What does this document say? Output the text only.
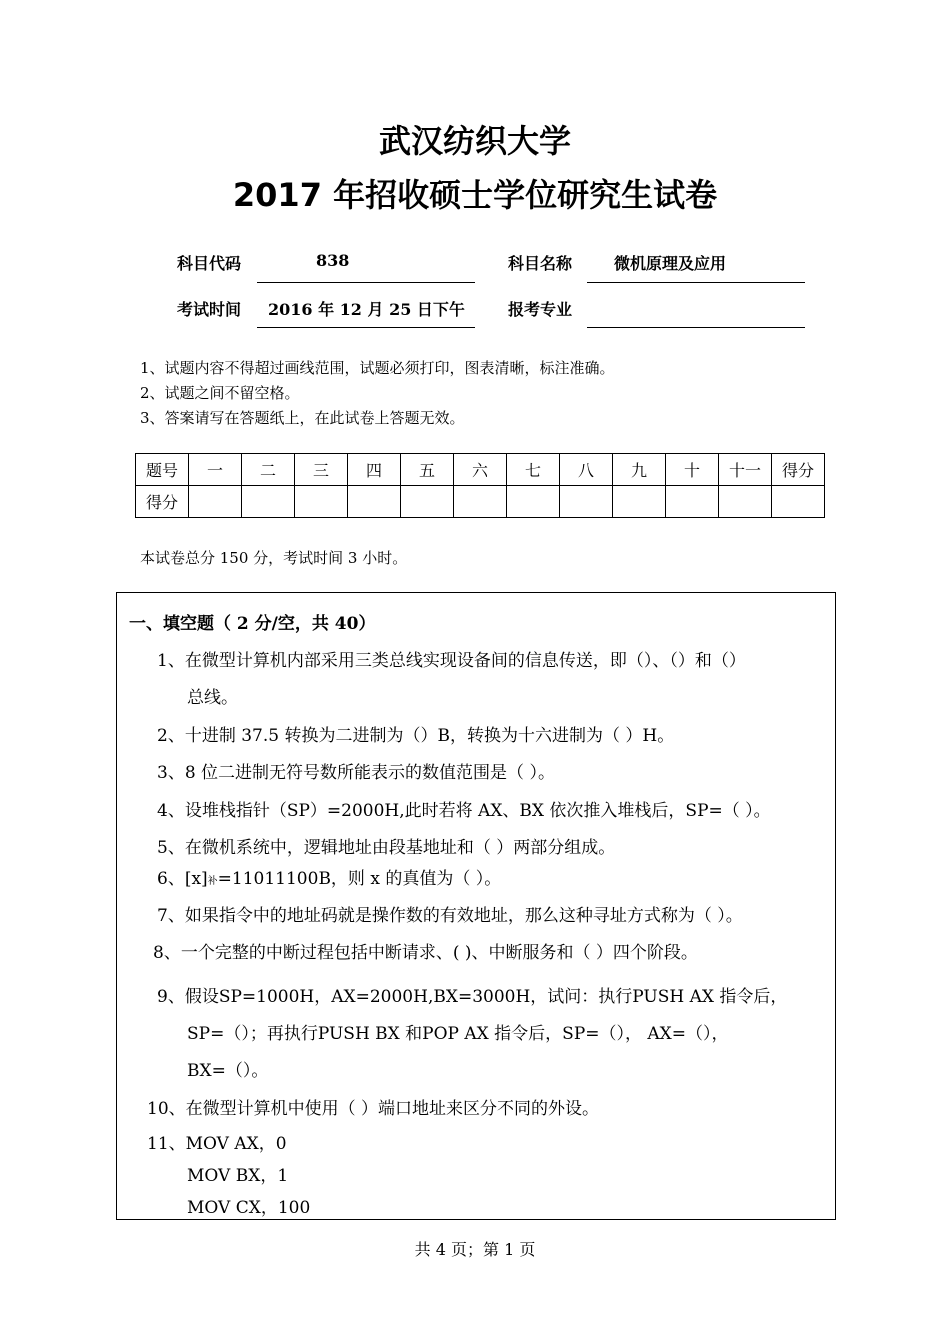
武汉纺织大学
2017 年招收硕士学位研究生试卷
科目代码	838	科目名称	微机原理及应用
考试时间 2016 年 12 月 25 日下午	报考专业
1、试题内容不得超过画线范围，试题必须打印，图表清晰，标注准确。
2、试题之间不留空格。
3、答案请写在答题纸上，在此试卷上答题无效。
题号	一	二	三	四	五	六	七	八	九	十	十一	得分
得分												
本试卷总分 150 分，考试时间 3 小时。
一、填空题（ 2 分/空，共 40）
1、在微型计算机内部采用三类总线实现设备间的信息传送，即（）、（）和（）
总线。
2、十进制 37.5 转换为二进制为（）B，转换为十六进制为（ ）H。
3、8 位二进制无符号数所能表示的数值范围是（ ）。
4、设堆栈指针（SP）=2000H,此时若将 AX、BX 依次推入堆栈后，SP=（ ）。
5、在微机系统中，逻辑地址由段基地址和（ ）两部分组成。
6、[x]补=11011100B，则 x 的真值为（ ）。
7、如果指令中的地址码就是操作数的有效地址，那么这种寻址方式称为（ ）。
8、一个完整的中断过程包括中断请求、( )、中断服务和（ ）四个阶段。
9、假设SP=1000H，AX=2000H,BX=3000H，试问：执行PUSH AX 指令后，
SP=（）；再执行PUSH BX 和POP AX 指令后，SP=（）， AX=（），
BX=（）。
10、在微型计算机中使用（ ）端口地址来区分不同的外设。
11、MOV AX，0
MOV BX，1
MOV CX，100
共 4 页；第 1 页
